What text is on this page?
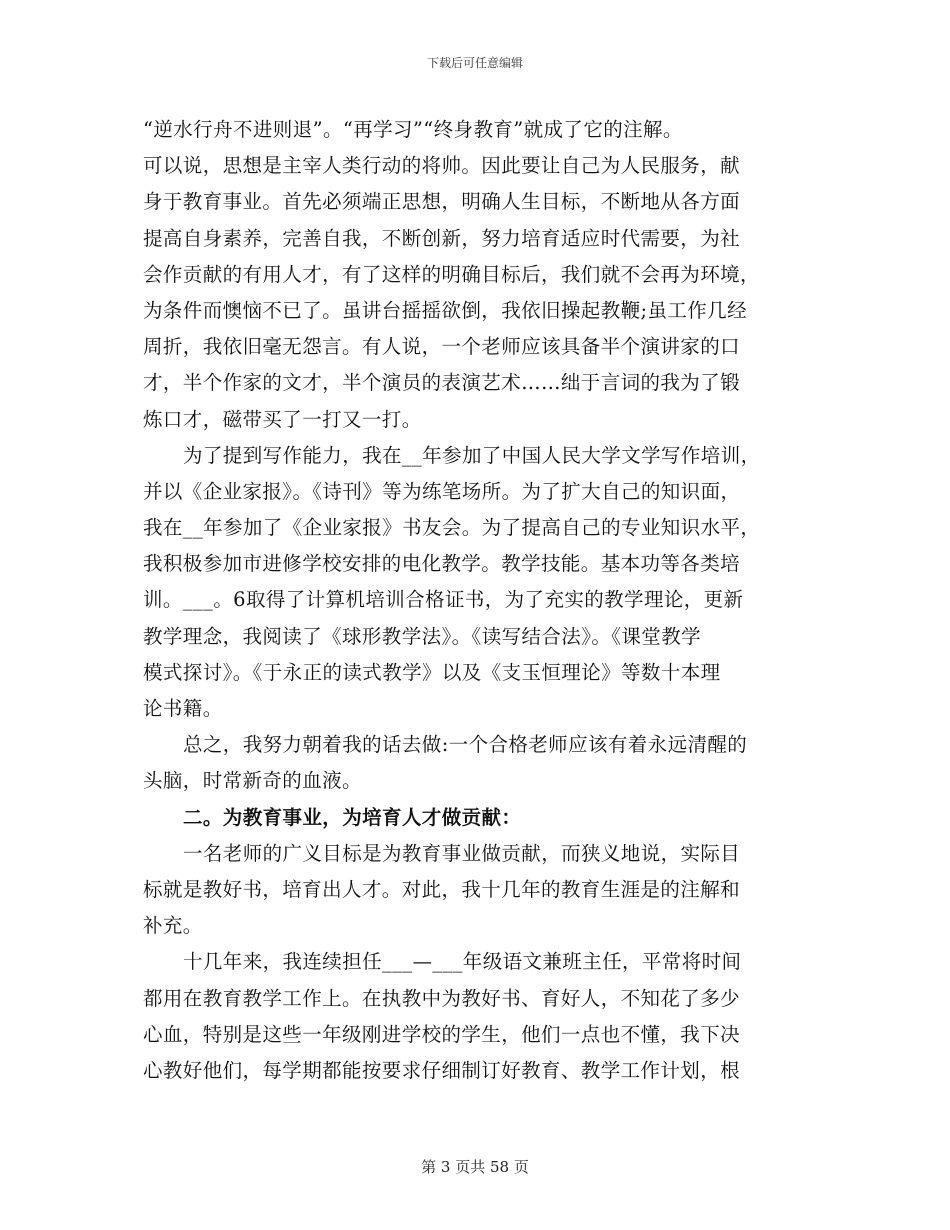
下载后可任意编辑
“逆水行舟不进则退”。“再学习”“终身教育”就成了它的注解。
可以说，思想是主宰人类行动的将帅。因此要让自己为人民服务，献
身于教育事业。首先必须端正思想，明确人生目标，不断地从各方面
提高自身素养，完善自我，不断创新，努力培育适应时代需要，为社
会作贡献的有用人才，有了这样的明确目标后，我们就不会再为环境，
为条件而懊恼不已了。虽讲台摇摇欲倒，我依旧操起教鞭;虽工作几经
周折，我依旧毫无怨言。有人说，一个老师应该具备半个演讲家的口
才，半个作家的文才，半个演员的表演艺术……绌于言词的我为了锻
炼口才，磁带买了一打又一打。
为了提到写作能力，我在__年参加了中国人民大学文学写作培训，
并以《企业家报》。《诗刊》等为练笔场所。为了扩大自己的知识面，
我在__年参加了《企业家报》书友会。为了提高自己的专业知识水平，
我积极参加市进修学校安排的电化教学。教学技能。基本功等各类培
训。___。6取得了计算机培训合格证书，为了充实的教学理论，更新
教学理念，我阅读了《球形教学法》。《读写结合法》。《课堂教学
模式探讨》。《于永正的读式教学》以及《支玉恒理论》等数十本理
论书籍。
总之，我努力朝着我的话去做:一个合格老师应该有着永远清醒的
头脑，时常新奇的血液。
二。为教育事业，为培育人才做贡献：
一名老师的广义目标是为教育事业做贡献，而狭义地说，实际目
标就是教好书，培育出人才。对此，我十几年的教育生涯是的注解和
补充。
十几年来，我连续担任___—___年级语文兼班主任，平常将时间
都用在教育教学工作上。在执教中为教好书、育好人，不知花了多少
心血，特别是这些一年级刚进学校的学生，他们一点也不懂，我下决
心教好他们，每学期都能按要求仔细制订好教育、教学工作计划，根
第 3 页共 58 页
